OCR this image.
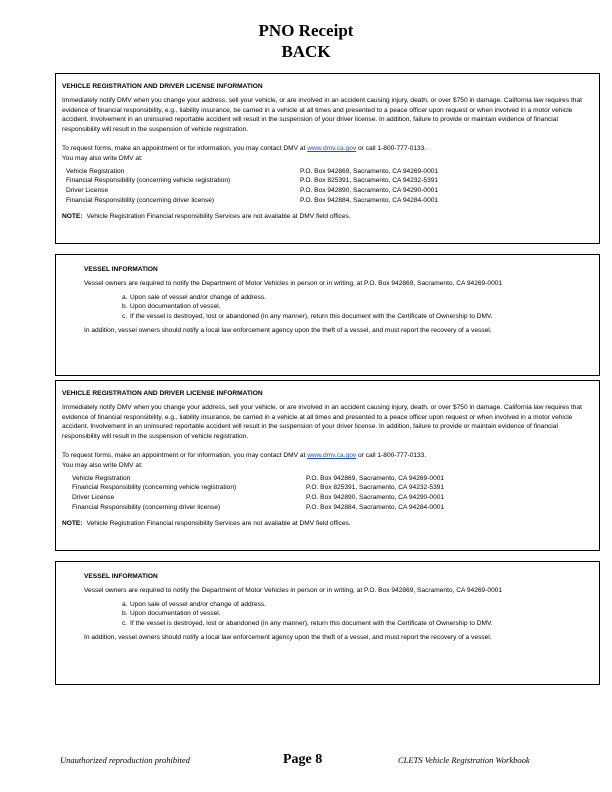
PNO Receipt
BACK
VEHICLE REGISTRATION AND DRIVER LICENSE INFORMATION

Immediately notify DMV when you change your address, sell your vehicle, or are involved in an accident causing injury, death, or over $750 in damage. California law requires that evidence of financial responsibility, e.g., liability insurance, be carried in a vehicle at all times and presented to a peace officer upon request or when involved in a motor vehicle accident. Involvement in an uninsured reportable accident will result in the suspension of your driver license. In addition, failure to provide or maintain evidence of financial responsibility will result in the suspension of vehicle registration.

To request forms, make an appointment or for information, you may contact DMV at www.dmv.ca.gov or call 1-800-777-0133.
You may also write DMV at:
Vehicle Registration	P.O. Box 942869, Sacramento, CA 94269-0001
Financial Responsibility (concerning vehicle registration)	P.O. Box 825391, Sacramento, CA 94232-5391
Driver License	P.O. Box 942890, Sacramento, CA 94290-0001
Financial Responsibility (concerning driver license)	P.O. Box 942884, Sacramento, CA 94284-0001
NOTE: Vehicle Registration Financial responsibility Services are not available at DMV field offices.
VESSEL INFORMATION

Vessel owners are required to notify the Department of Motor Vehicles in person or in writing, at P.O. Box 942869, Sacramento, CA 94269-0001

a. Upon sale of vessel and/or change of address.
b. Upon documentation of vessel.
c. If the vessel is destroyed, lost or abandoned (in any manner), return this document with the Certificate of Ownership to DMV.

In addition, vessel owners should notify a local law enforcement agency upon the theft of a vessel, and must report the recovery of a vessel.

VEHICLE REGISTRATION AND DRIVER LICENSE INFORMATION

Immediately notify DMV when you change your address, sell your vehicle, or are involved in an accident causing injury, death, or over $750 in damage. California law requires that evidence of financial responsibility, e.g., liability insurance, be carried in a vehicle at all times and presented to a peace officer upon request or when involved in a motor vehicle accident. Involvement in an uninsured reportable accident will result in the suspension of your driver license. In addition, failure to provide or maintain evidence of financial responsibility will result in the suspension of vehicle registration.

To request forms, make an appointment or for information, you may contact DMV at www.dmv.ca.gov or call 1-800-777-0133.
You may also write DMV at:
Vehicle Registration	P.O. Box 942869, Sacramento, CA 94269-0001
Financial Responsibility (concerning vehicle registration)	P.O. Box 825391, Sacramento, CA 94232-5391
Driver License	P.O. Box 942890, Sacramento, CA 94290-0001
Financial Responsibility (concerning driver license)	P.O. Box 942884, Sacramento, CA 94284-0001
NOTE: Vehicle Registration Financial responsibility Services are not available at DMV field offices.
VESSEL INFORMATION

Vessel owners are required to notify the Department of Motor Vehicles in person or in writing, at P.O. Box 942869, Sacramento, CA 94269-0001

a. Upon sale of vessel and/or change of address.
b. Upon documentation of vessel.
c. If the vessel is destroyed, lost or abandoned (in any manner), return this document with the Certificate of Ownership to DMV.

In addition, vessel owners should notify a local law enforcement agency upon the theft of a vessel, and must report the recovery of a vessel.

Unauthorized reproduction prohibited	Page 8	CLETS Vehicle Registration Workbook
